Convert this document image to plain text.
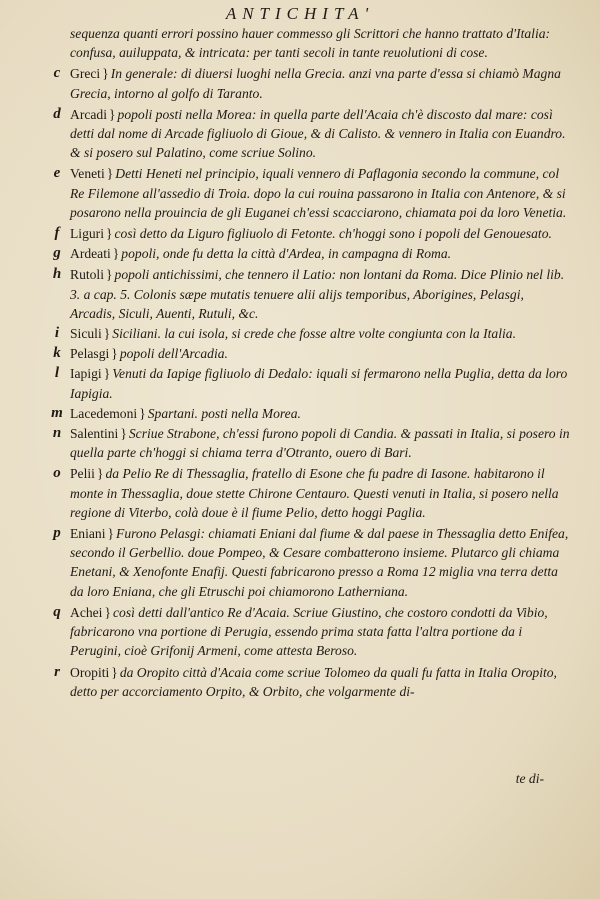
ANTICHITA'

sequenza quanti errori possino hauer commesso gli Scrittori che hanno trattato d'Italia: confusa, auiluppata, & intricata: per tanti secoli in tante reuolutioni di cose.

c Greci } In generale: di diuersi luoghi nella Grecia. anzi vna parte d'essa si chiamò Magna Grecia, intorno al golfo di Taranto.

d Arcadi } popoli posti nella Morea: in quella parte dell'Acaia ch'è discosto dal mare: così detti dal nome di Arcade figliuolo di Gioue, & di Calisto. & vennero in Italia con Euandro. & si posero sul Palatino, come scriue Solino.

e Veneti } Detti Heneti nel principio, iquali vennero di Paflagonia secondo la commune, col Re Filemone all'assedio di Troia. dopo la cui rouina passarono in Italia con Antenore, & si posarono nella prouincia de gli Euganei ch'essi scacciarono, chiamata poi da loro Venetia.

f Liguri } così detto da Liguro figliuolo di Fetonte. ch'hoggi sono i popoli del Genouesato.

g Ardeati } popoli, onde fu detta la città d'Ardea, in campagna di Roma.

h Rutoli } popoli antichissimi, che tennero il Latio: non lontani da Roma. Dice Plinio nel lib. 3. a cap. 5. Colonis sæpe mutatis tenuere alii alijs temporibus, Aborigines, Pelasgi, Arcadis, Siculi, Auenti, Rutuli, &c.

i Siculi } Siciliani. la cui isola, si crede che fosse altre volte congiunta con la Italia.

k Pelasgi } popoli dell'Arcadia.

l Iapigi } Venuti da Iapige figliuolo di Dedalo: iquali si fermarono nella Puglia, detta da loro Iapigia.

m Lacedemoni } Spartani. posti nella Morea.

n Salentini } Scriue Strabone, ch'essi furono popoli di Candia. & passati in Italia, si posero in quella parte ch'hoggi si chiama terra d'Otranto, ouero di Bari.

o Pelii } da Pelio Re di Thessaglia, fratello di Esone che fu padre di Iasone. habitarono il monte in Thessaglia, doue stette Chirone Centauro. Questi venuti in Italia, si posero nella regione di Viterbo, colà doue è il fiume Pelio, detto hoggi Paglia.

p Eniani } Furono Pelasgi: chiamati Eniani dal fiume & dal paese in Thessaglia detto Enifea, secondo il Gerbellio. doue Pompeo, & Cesare combatterono insieme. Plutarco gli chiama Enetani, & Xenofonte Enafij. Questi fabricarono presso a Roma 12 miglia vna terra detta da loro Eniana, che gli Etruschi poi chiamorono Latherniana.

q Achei } così detti dall'antico Re d'Acaia. Scriue Giustino, che costoro condotti da Vibio, fabricarono vna portione di Perugia, essendo prima stata fatta l'altra portione da i Perugini, cioè Grifonij Armeni, come attesta Beroso.

r Oropiti } da Oropito città d'Acaia come scriue Tolomeo da quali fu fatta in Italia Oropito, detto per accorciamento Orpito, & Orbito, che volgarmente di-

te di-
